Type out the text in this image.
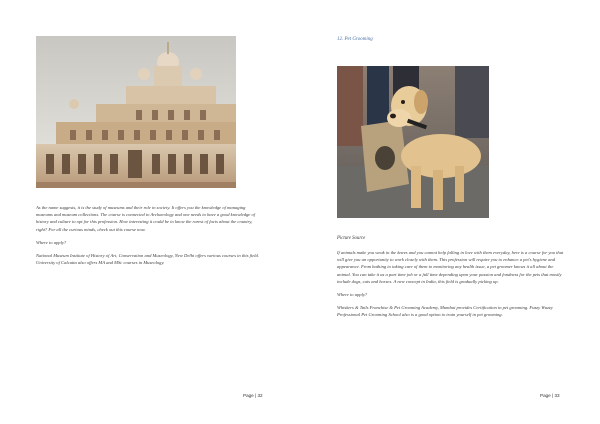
As the name suggests, it is the study of museums and their role in society. It offers you the knowledge of managing museums and museum collections. The course is connected to Archaeology and one needs to have a good knowledge of history and culture to opt for this profession. How interesting it could be to know the rarest of facts about the country, right? For all the curious minds, check out this course now.

Where to apply?

National Museum Institute of History of Art, Conservation and Museology, New Delhi offers various courses in this field. University of Calcutta also offers MA and MSc courses in Museology.

Page | 32
12. Pet Grooming
Picture Source

If animals make you weak in the knees and you cannot help falling in love with them everyday, here is a course for you that will give you an opportunity to work closely with them. This profession will require you to enhance a pet's hygiene and appearance. From bathing to taking care of them to monitoring any health issue, a pet groomer knows it all about the animal. You can take it as a part time job or a full time depending upon your passion and fondness for the pets that mostly include dogs, cats and horses. A new concept in India, this field is gradually picking up.

Where to apply?

Whiskers & Tails Franchise & Pet Grooming Academy, Mumbai provides Certification in pet grooming. Fuzzy Wuzzy Professional Pet Grooming School also is a good option to train yourself in pet grooming.

Page | 33
